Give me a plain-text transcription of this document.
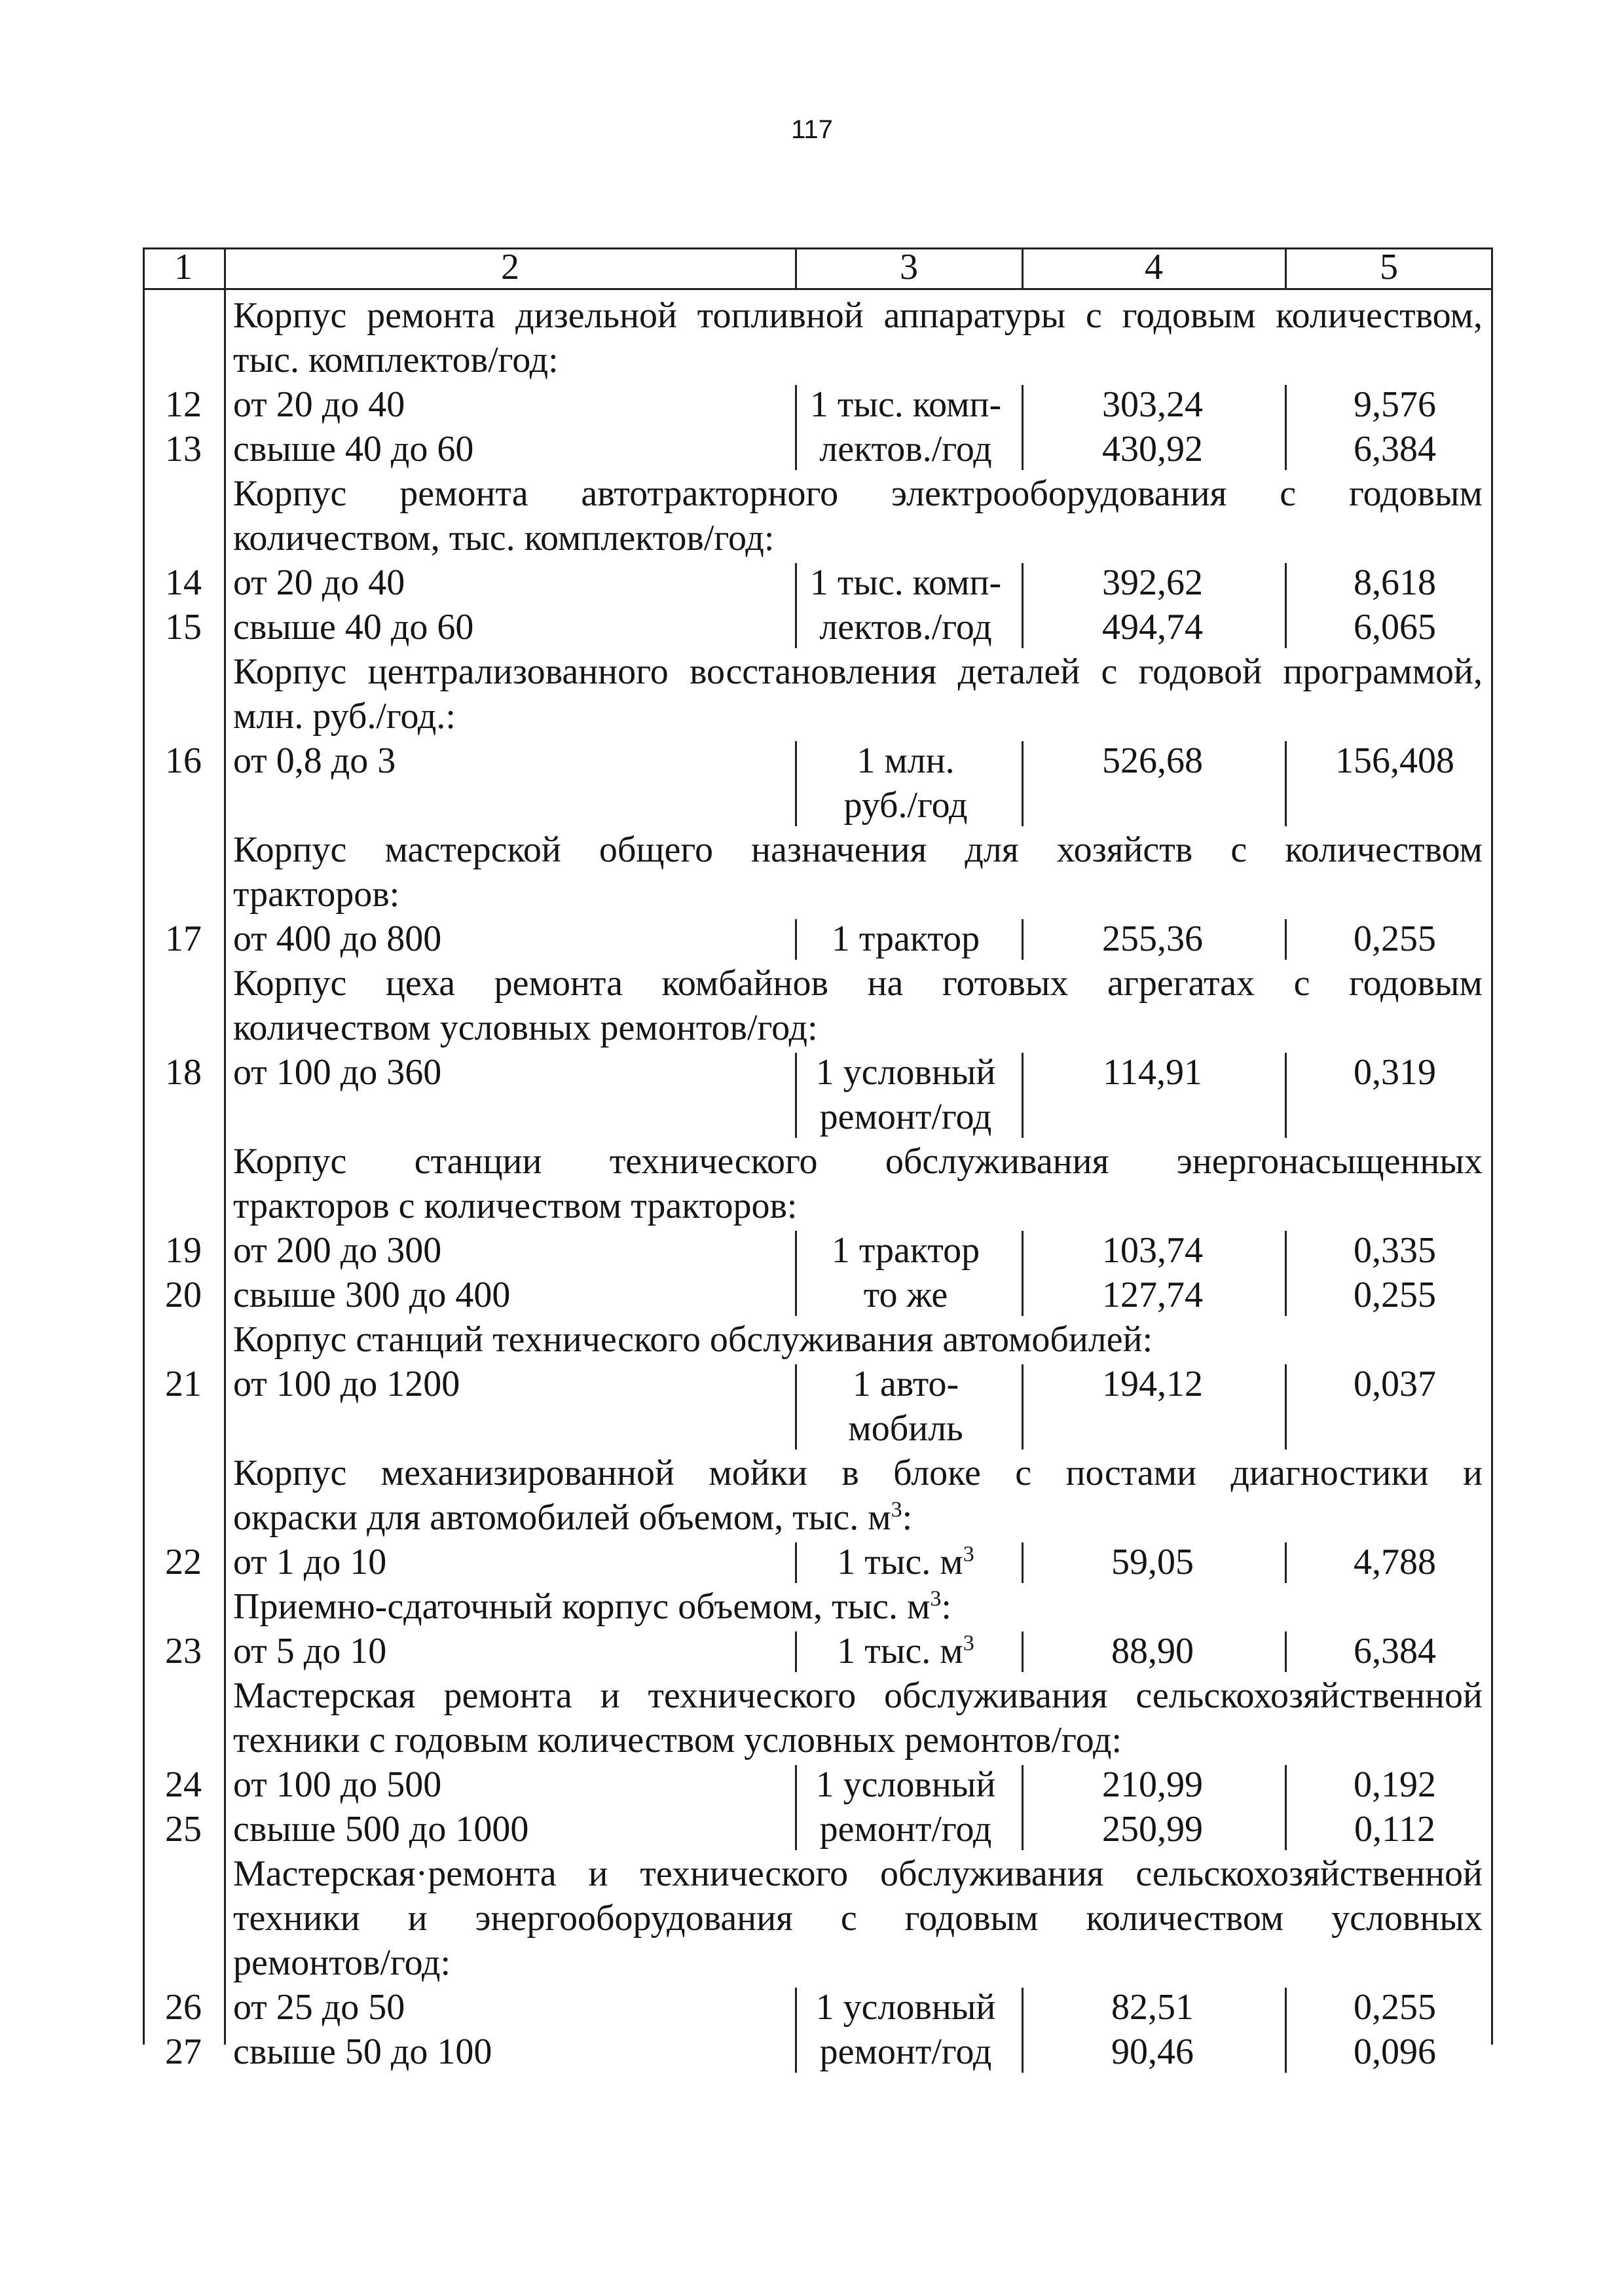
117
1	2	3	4	5
Корпус ремонта дизельной топливной аппаратуры с годовым количеством,
тыс. комплектов/год:
12 от 20 до 40	1 тыс. комп-	303,24	9,576
13 свыше 40 до 60	лектов./год	430,92	6,384
Корпус ремонта автотракторного электрооборудования с годовым
количеством, тыс. комплектов/год:
14 от 20 до 40	1 тыс. комп-	392,62	8,618
15 свыше 40 до 60	лектов./год	494,74	6,065
Корпус централизованного восстановления деталей с годовой программой,
млн. руб./год.:
16 от 0,8 до 3	1 млн.	526,68	156,408
руб./год
Корпус мастерской общего назначения для хозяйств с количеством
тракторов:
17 от 400 до 800	1 трактор	255,36	0,255
Корпус цеха ремонта комбайнов на готовых агрегатах с годовым
количеством условных ремонтов/год:
18 от 100 до 360	1 условный	114,91	0,319
ремонт/год
Корпус станции технического обслуживания энергонасыщенных
тракторов с количеством тракторов:
19 от 200 до 300	1 трактор	103,74	0,335
20 свыше 300 до 400	то же	127,74	0,255
Корпус станций технического обслуживания автомобилей:
21 от 100 до 1200	1 авто-	194,12	0,037
мобиль
Корпус механизированной мойки в блоке с постами диагностики и
окраски для автомобилей объемом, тыс. $м^3$:
22 от 1 до 10	1 тыс. $м^3$	59,05	4,788
Приемно-сдаточный корпус объемом, тыс. $м^3$:
23 от 5 до 10	1 тыс. $м^3$	88,90	6,384
Мастерская ремонта и технического обслуживания сельскохозяйственной
техники с годовым количеством условных ремонтов/год:
24 от 100 до 500	1 условный	210,99	0,192
25 свыше 500 до 1000	ремонт/год	250,99	0,112
Мастерская·ремонта и технического обслуживания сельскохозяйственной
техники и энергооборудования с годовым количеством условных
ремонтов/год:
26 от 25 до 50	1 условный	82,51	0,255
27 свыше 50 до 100	ремонт/год	90,46	0,096
